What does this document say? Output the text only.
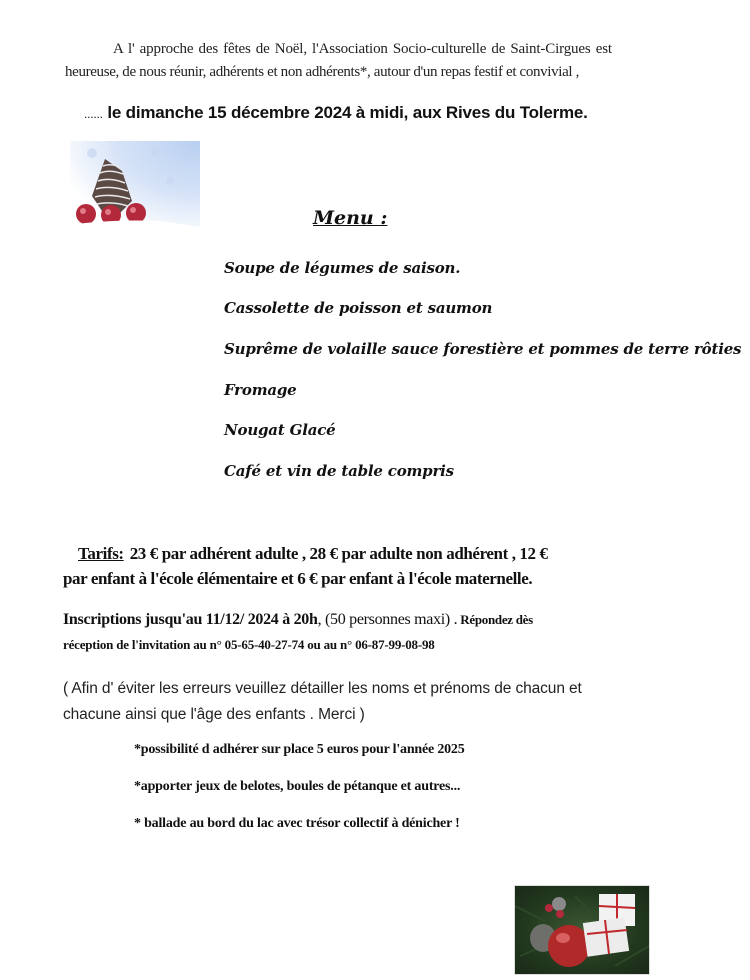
A l' approche des fêtes de Noël, l'Association Socio-culturelle de Saint-Cirgues est
heureuse, de nous réunir, adhérents et non adhérents*, autour d'un repas festif et convivial ,
...... le dimanche 15 décembre 2024 à midi, aux Rives du Tolerme.
Menu :
Soupe de légumes de saison.
Cassolette de poisson et saumon
Suprême de volaille sauce forestière et pommes de terre rôties
Fromage
Nougat Glacé
Café et vin de table compris
Tarifs: 23 € par adhérent adulte , 28 € par adulte non adhérent , 12 €
par enfant à l'école élémentaire et 6 € par enfant à l'école maternelle.
Inscriptions jusqu'au 11/12/ 2024 à 20h, (50 personnes maxi) . Répondez dès
réception de l'invitation au n° 05-65-40-27-74 ou au n° 06-87-99-08-98
( Afin d' éviter les erreurs veuillez détailler les noms et prénoms de chacun et
chacune ainsi que l'âge des enfants . Merci )
*possibilité d adhérer sur place 5 euros pour l'année 2025
*apporter jeux de belotes, boules de pétanque et autres...
* ballade au bord du lac avec trésor collectif à dénicher !
